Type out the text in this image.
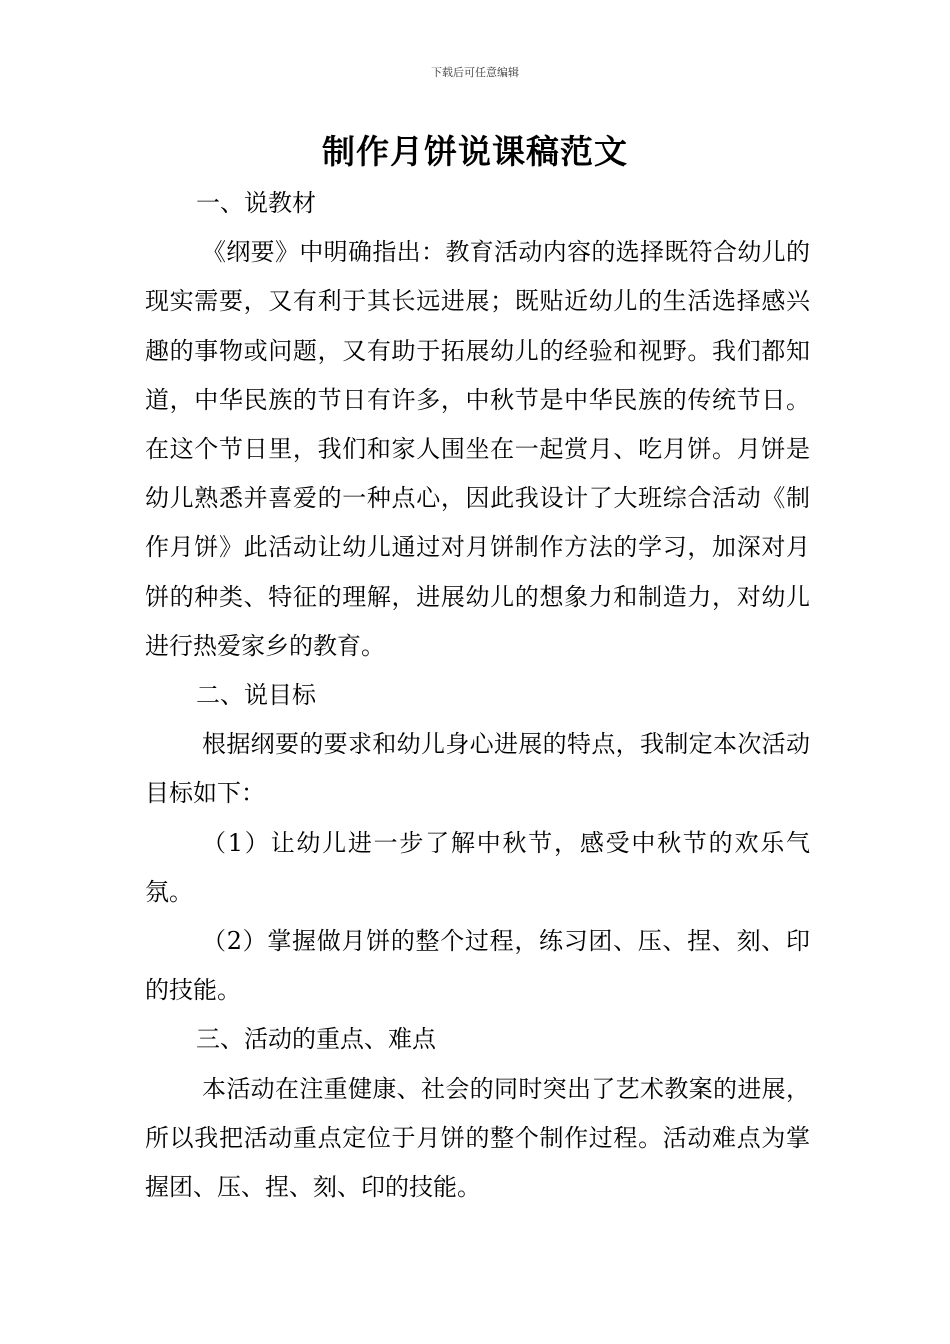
下载后可任意编辑
制作月饼说课稿范文

一、说教材

《纲要》中明确指出：教育活动内容的选择既符合幼儿的现实需要，又有利于其长远进展；既贴近幼儿的生活选择感兴趣的事物或问题，又有助于拓展幼儿的经验和视野。我们都知道，中华民族的节日有许多，中秋节是中华民族的传统节日。在这个节日里，我们和家人围坐在一起赏月、吃月饼。月饼是幼儿熟悉并喜爱的一种点心，因此我设计了大班综合活动《制作月饼》此活动让幼儿通过对月饼制作方法的学习，加深对月饼的种类、特征的理解，进展幼儿的想象力和制造力，对幼儿进行热爱家乡的教育。

二、说目标

根据纲要的要求和幼儿身心进展的特点，我制定本次活动目标如下：

（1）让幼儿进一步了解中秋节，感受中秋节的欢乐气氛。

（2）掌握做月饼的整个过程，练习团、压、捏、刻、印的技能。

三、活动的重点、难点

本活动在注重健康、社会的同时突出了艺术教案的进展，所以我把活动重点定位于月饼的整个制作过程。活动难点为掌握团、压、捏、刻、印的技能。
